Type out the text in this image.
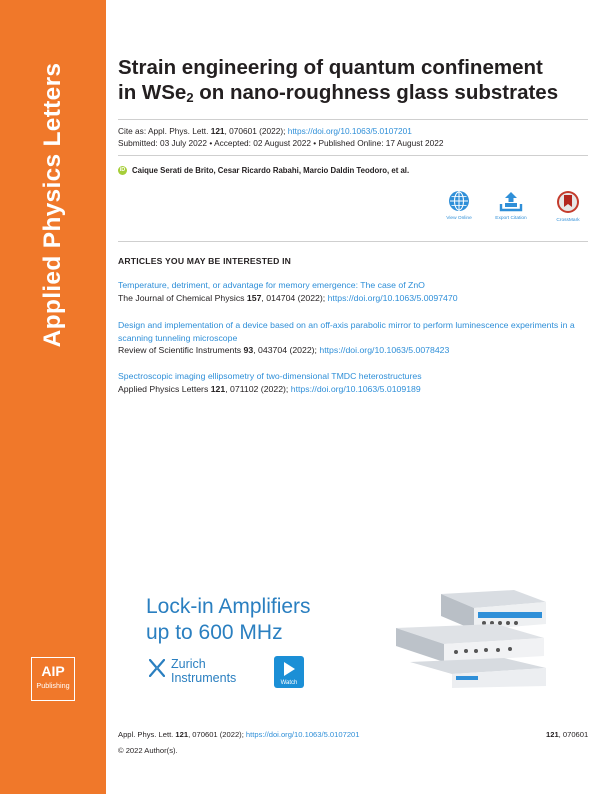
Applied Physics Letters
AIP
Publishing
Strain engineering of quantum confinement
in WSe$_2$ on nano-roughness glass substrates
Cite as: Appl. Phys. Lett. 121, 070601 (2022); https://doi.org/10.1063/5.0107201
Submitted: 03 July 2022 • Accepted: 02 August 2022 • Published Online: 17 August 2022
iD Caique Serati de Brito, Cesar Ricardo Rabahi, Marcio Daldin Teodoro, et al.
View Online	Export Citation	CrossMark
ARTICLES YOU MAY BE INTERESTED IN
Temperature, detriment, or advantage for memory emergence: The case of ZnO
The Journal of Chemical Physics 157, 014704 (2022); https://doi.org/10.1063/5.0097470
Design and implementation of a device based on an off-axis parabolic mirror to perform luminescence experiments in a scanning tunneling microscope
Review of Scientific Instruments 93, 043704 (2022); https://doi.org/10.1063/5.0078423
Spectroscopic imaging ellipsometry of two-dimensional TMDC heterostructures
Applied Physics Letters 121, 071102 (2022); https://doi.org/10.1063/5.0109189
Lock-in Amplifiers
up to 600 MHz
Zurich
Instruments	Watch
Appl. Phys. Lett. 121, 070601 (2022); https://doi.org/10.1063/5.0107201	121, 070601
© 2022 Author(s).
